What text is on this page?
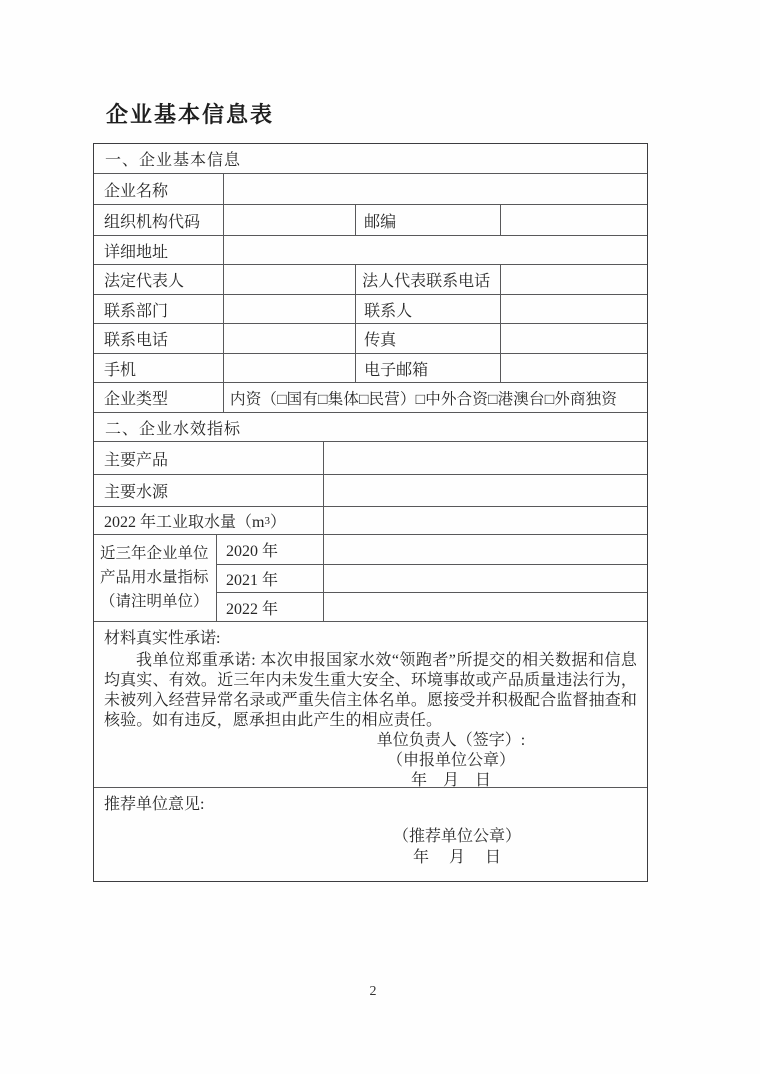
企业基本信息表
一、企业基本信息
企业名称
组织机构代码	邮编
详细地址
法定代表人	法人代表联系电话
联系部门	联系人
联系电话	传真
手机	电子邮箱
企业类型	内资（□国有□集体□民营）□中外合资□港澳台□外商独资
二、企业水效指标
主要产品
主要水源
2022 年工业取水量（m 3 ）
近三年企业单位
产品用水量指标
（请注明单位）
2020 年
2021 年
2022 年
材料真实性承诺:

我单位郑重承诺: 本次申报国家水效“领跑者”所提交的相关数据和信息均真实、有效。近三年内未发生重大安全、环境事故或产品质量违法行为，未被列入经营异常名录或严重失信主体名单。愿接受并积极配合监督抽查和核验。如有违反，愿承担由此产生的相应责任。

单位负责人（签字）:
（申报单位公章）
年　月　日
推荐单位意见:
（推荐单位公章）
年　 月　 日
2
